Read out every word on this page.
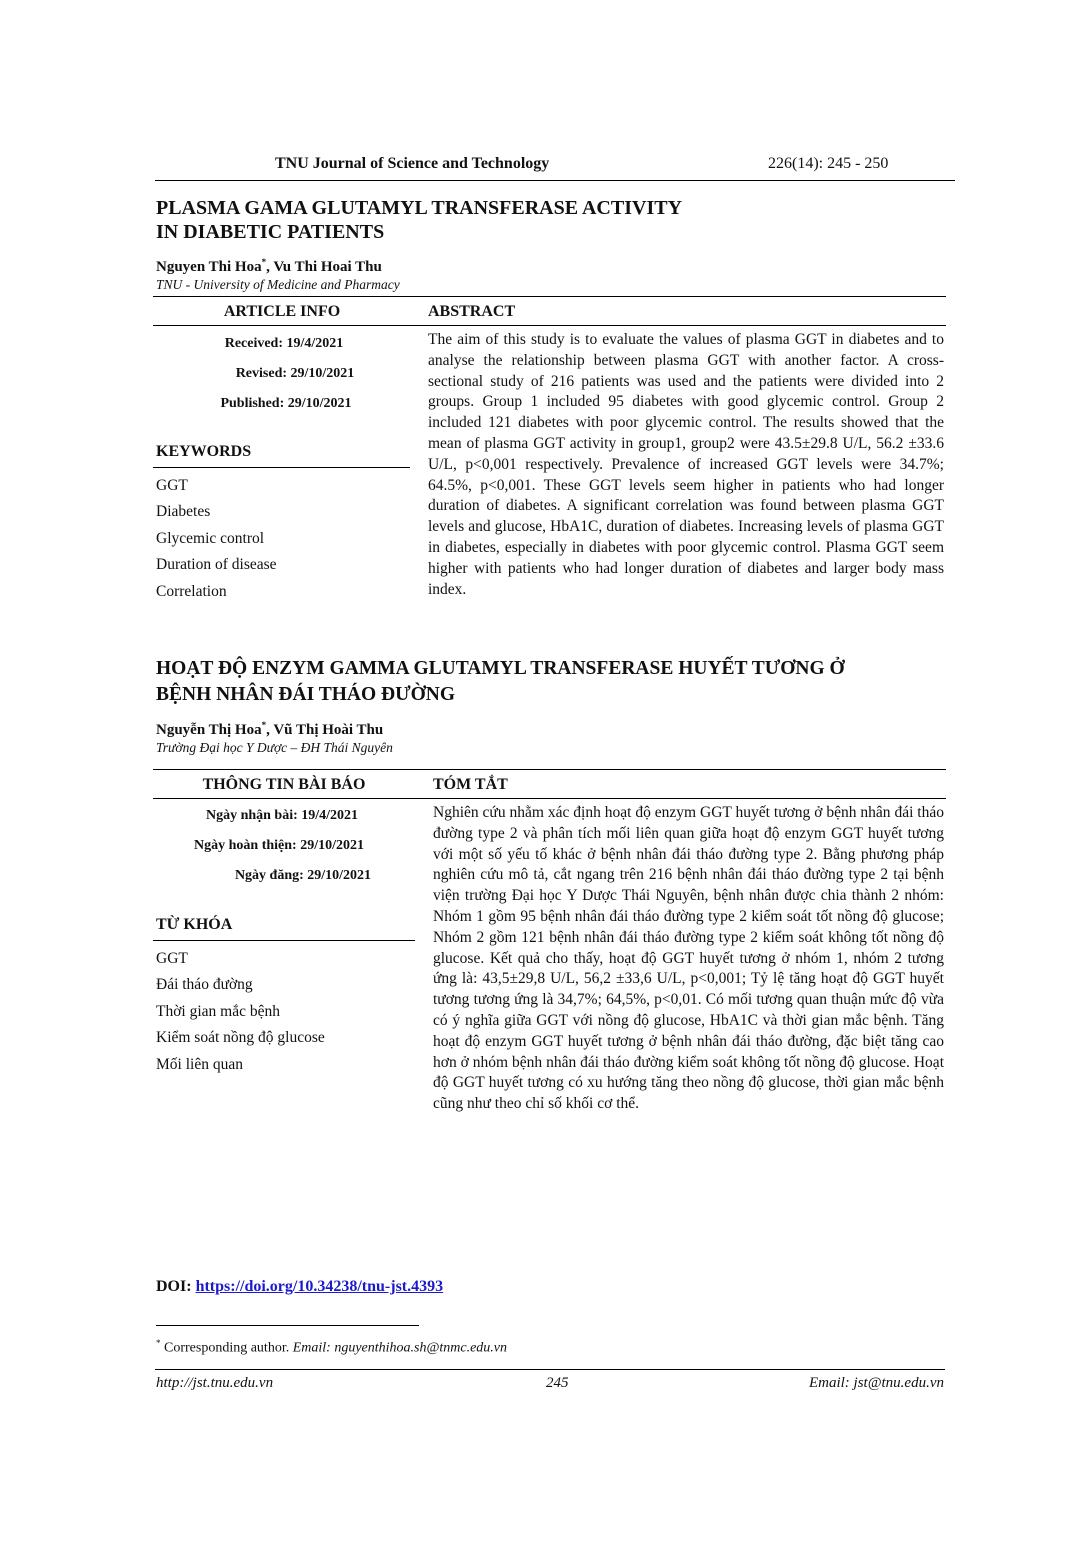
TNU Journal of Science and Technology	226(14): 245 - 250
PLASMA GAMA GLUTAMYL TRANSFERASE ACTIVITY
IN DIABETIC PATIENTS
Nguyen Thi Hoa*, Vu Thi Hoai Thu
TNU - University of Medicine and Pharmacy
ARTICLE INFO	ABSTRACT
Received: 19/4/2021
Revised: 29/10/2021
Published: 29/10/2021
KEYWORDS
GGT
Diabetes
Glycemic control
Duration of disease
Correlation
The aim of this study is to evaluate the values of plasma GGT in diabetes and to analyse the relationship between plasma GGT with another factor. A cross-sectional study of 216 patients was used and the patients were divided into 2 groups. Group 1 included 95 diabetes with good glycemic control. Group 2 included 121 diabetes with poor glycemic control. The results showed that the mean of plasma GGT activity in group1, group2 were 43.5±29.8 U/L, 56.2 ±33.6 U/L, p<0,001 respectively. Prevalence of increased GGT levels were 34.7%; 64.5%, p<0,001. These GGT levels seem higher in patients who had longer duration of diabetes. A significant correlation was found between plasma GGT levels and glucose, HbA1C, duration of diabetes. Increasing levels of plasma GGT in diabetes, especially in diabetes with poor glycemic control. Plasma GGT seem higher with patients who had longer duration of diabetes and larger body mass index.
HOẠT ĐỘ ENZYM GAMMA GLUTAMYL TRANSFERASE HUYẾT TƯƠNG Ở
BỆNH NHÂN ĐÁI THÁO ĐƯỜNG
Nguyễn Thị Hoa*, Vũ Thị Hoài Thu
Trường Đại học Y Dược – ĐH Thái Nguyên
THÔNG TIN BÀI BÁO	TÓM TẮT
Ngày nhận bài: 19/4/2021
Ngày hoàn thiện: 29/10/2021
Ngày đăng: 29/10/2021
TỪ KHÓA
GGT
Đái tháo đường
Thời gian mắc bệnh
Kiểm soát nồng độ glucose
Mối liên quan
Nghiên cứu nhằm xác định hoạt độ enzym GGT huyết tương ở bệnh nhân đái tháo đường type 2 và phân tích mối liên quan giữa hoạt độ enzym GGT huyết tương với một số yếu tố khác ở bệnh nhân đái tháo đường type 2. Bằng phương pháp nghiên cứu mô tả, cắt ngang trên 216 bệnh nhân đái tháo đường type 2 tại bệnh viện trường Đại học Y Dược Thái Nguyên, bệnh nhân được chia thành 2 nhóm: Nhóm 1 gồm 95 bệnh nhân đái tháo đường type 2 kiểm soát tốt nồng độ glucose; Nhóm 2 gồm 121 bệnh nhân đái tháo đường type 2 kiểm soát không tốt nồng độ glucose. Kết quả cho thấy, hoạt độ GGT huyết tương ở nhóm 1, nhóm 2 tương ứng là: 43,5±29,8 U/L, 56,2 ±33,6 U/L, p<0,001; Tỷ lệ tăng hoạt độ GGT huyết tương tương ứng là 34,7%; 64,5%, p<0,01. Có mối tương quan thuận mức độ vừa có ý nghĩa giữa GGT với nồng độ glucose, HbA1C và thời gian mắc bệnh. Tăng hoạt độ enzym GGT huyết tương ở bệnh nhân đái tháo đường, đặc biệt tăng cao hơn ở nhóm bệnh nhân đái tháo đường kiểm soát không tốt nồng độ glucose. Hoạt độ GGT huyết tương có xu hướng tăng theo nồng độ glucose, thời gian mắc bệnh cũng như theo chỉ số khối cơ thể.
DOI: https://doi.org/10.34238/tnu-jst.4393
* Corresponding author. Email: nguyenthihoa.sh@tnmc.edu.vn
http://jst.tnu.edu.vn	245	Email: jst@tnu.edu.vn
